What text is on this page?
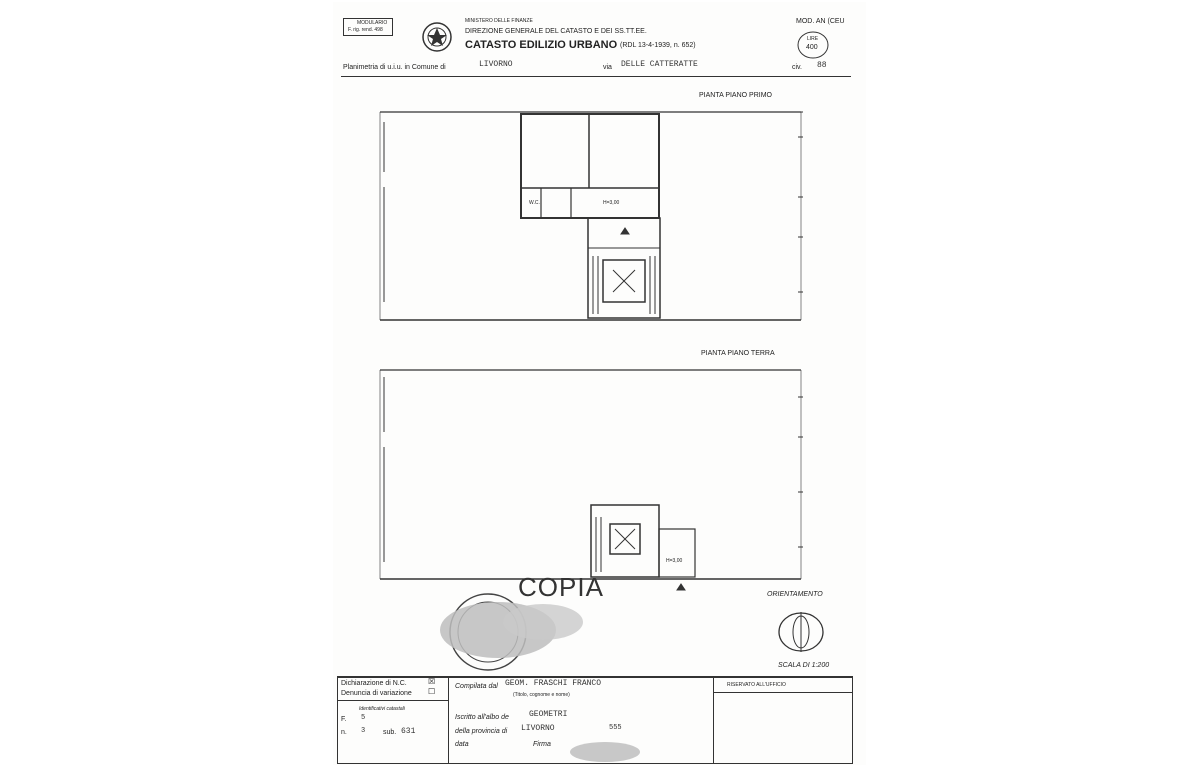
MODULARIO
F. rig. rend. 498
MINISTERO DELLE FINANZE
DIREZIONE GENERALE DEL CATASTO E DEI SS.TT.EE.
CATASTO EDILIZIO URBANO (RDL 13-4-1939, n. 652)
MOD. AN (CEU
LIRE
400
Planimetria di u.i.u. in Comune di	LIVORNO	via DELLE CATTERATTE	civ. 88
PIANTA PIANO PRIMO
W.C.	H=3,00
PIANTA PIANO TERRA
H=3,00
COPIA	ORIENTAMENTO
SCALA DI 1:200
Dichiarazione di N.C.	☒
Denuncia di variazione ☐
Identificativi catastali
F. 5
n. 3	sub. 631
Compilata dal GEOM. FRASCHI FRANCO
(Titolo, cognome e nome)
Iscritto all'albo de	GEOMETRI
della provincia di LIVORNO	555
data	Firma
RISERVATO ALL'UFFICIO
